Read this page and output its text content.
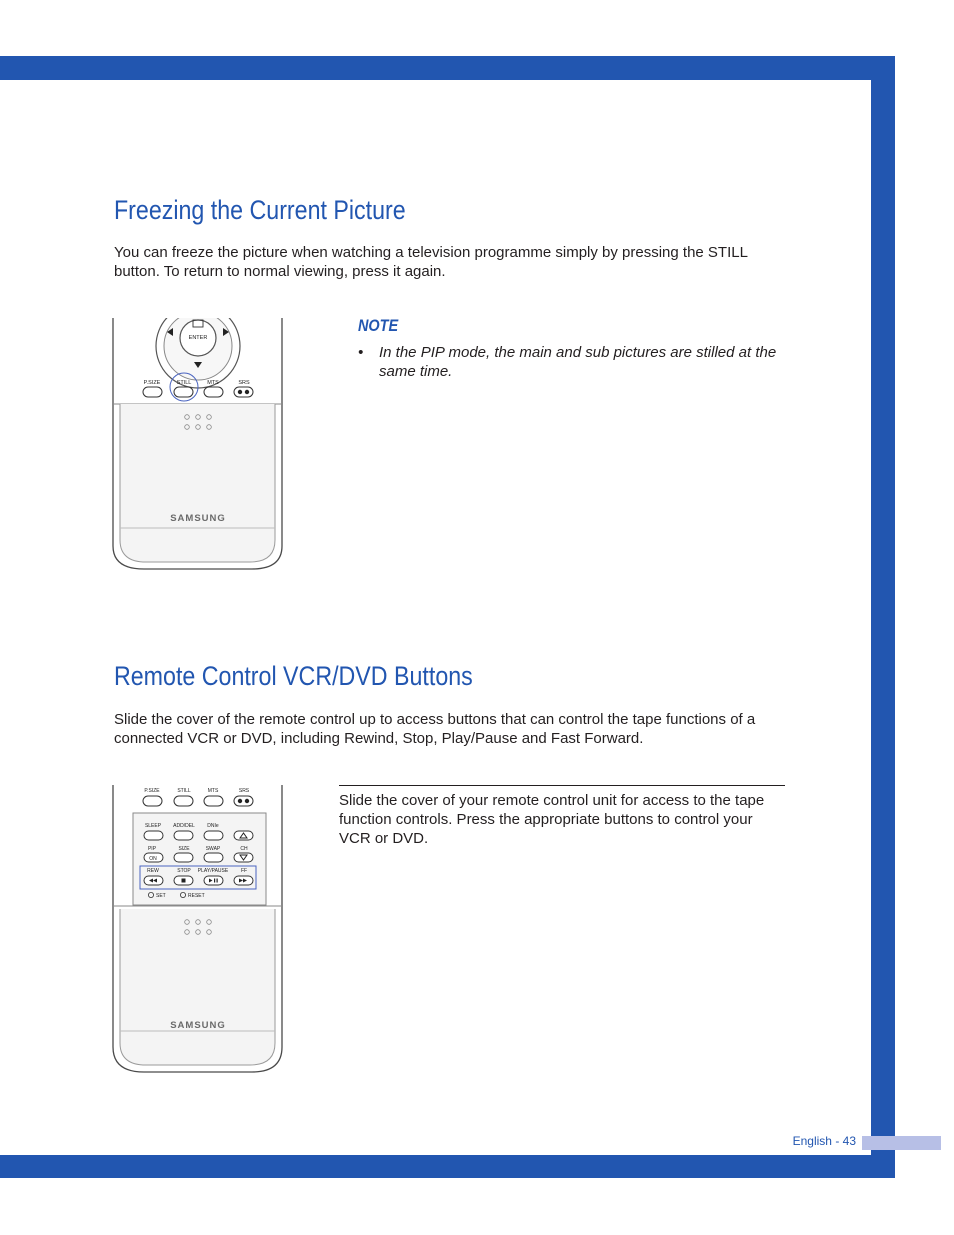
English - 43
Freezing the Current Picture

You can freeze the picture when watching a television programme simply by pressing the STILL button. To return to normal viewing, press it again.

ENTER
P.SIZE	STILL	MTS	SRS
SAMSUNG
NOTE
• In the PIP mode, the main and sub pictures are stilled at the same time.
Remote Control VCR/DVD Buttons

Slide the cover of the remote control up to access buttons that can control the tape functions of a connected VCR or DVD, including Rewind, Stop, Play/Pause and Fast Forward.

P.SIZE	STILL	MTS	SRS
SLEEP ADD/DEL DNIe
PIP	SIZE	SWAP	CH
ON
REW	STOP PLAY/PAUSE	FF
SET	RESET
SAMSUNG

Slide the cover of your remote control unit for access to the tape function controls. Press the appropriate buttons to control your VCR or DVD.
